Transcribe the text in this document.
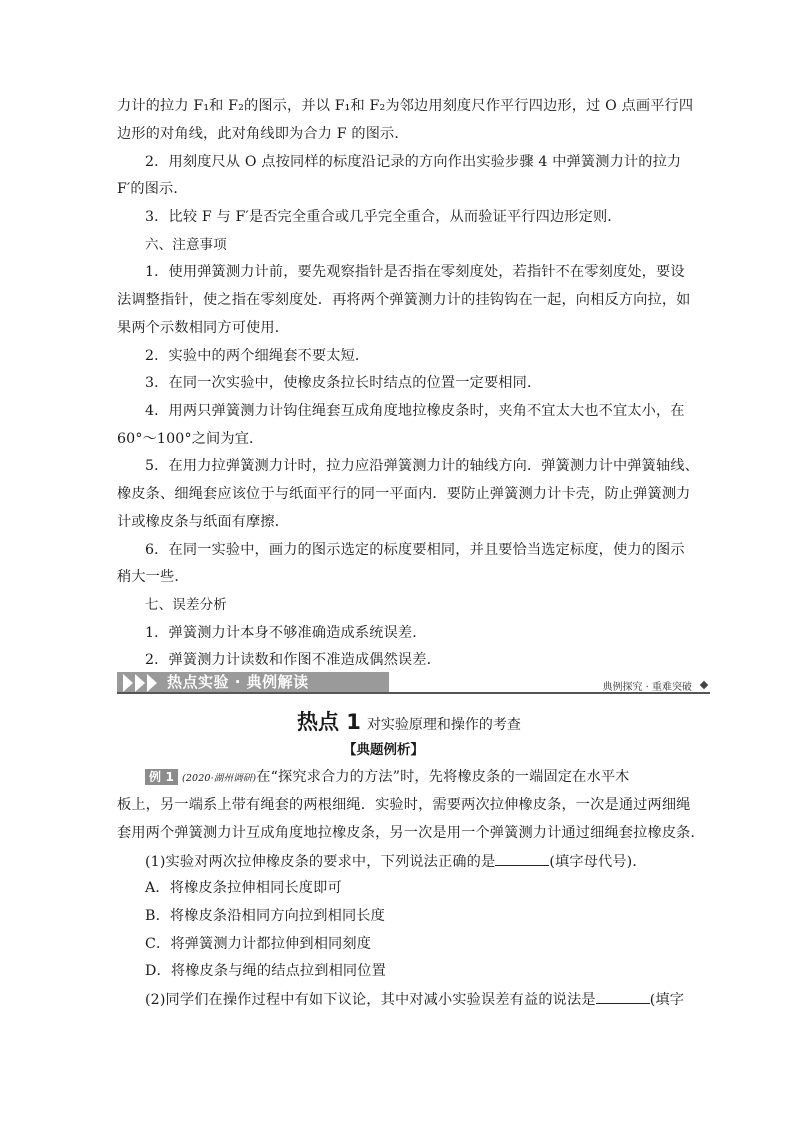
力计的拉力 F₁和 F₂的图示，并以 F₁和 F₂为邻边用刻度尺作平行四边形，过 O 点画平行四
边形的对角线，此对角线即为合力 F 的图示．
2．用刻度尺从 O 点按同样的标度沿记录的方向作出实验步骤 4 中弹簧测力计的拉力
F′的图示．
3．比较 F 与 F′是否完全重合或几乎完全重合，从而验证平行四边形定则．
六、注意事项
1．使用弹簧测力计前，要先观察指针是否指在零刻度处，若指针不在零刻度处，要设
法调整指针，使之指在零刻度处．再将两个弹簧测力计的挂钩钩在一起，向相反方向拉，如
果两个示数相同方可使用．
2．实验中的两个细绳套不要太短．
3．在同一次实验中，使橡皮条拉长时结点的位置一定要相同．
4．用两只弹簧测力计钩住绳套互成角度地拉橡皮条时，夹角不宜太大也不宜太小，在
60°～100°之间为宜．
5．在用力拉弹簧测力计时，拉力应沿弹簧测力计的轴线方向．弹簧测力计中弹簧轴线、
橡皮条、细绳套应该位于与纸面平行的同一平面内．要防止弹簧测力计卡壳，防止弹簧测力
计或橡皮条与纸面有摩擦．
6．在同一实验中，画力的图示选定的标度要相同，并且要恰当选定标度，使力的图示
稍大一些．
七、误差分析
1．弹簧测力计本身不够准确造成系统误差．
2．弹簧测力计读数和作图不准造成偶然误差．
热点实验 · 典例解读	典例探究 · 重难突破
热点 1 对实验原理和操作的考查
【典题例析】
例 1 (2020·湖州调研)在“探究求合力的方法”时，先将橡皮条的一端固定在水平木
板上，另一端系上带有绳套的两根细绳．实验时，需要两次拉伸橡皮条，一次是通过两细绳
套用两个弹簧测力计互成角度地拉橡皮条，另一次是用一个弹簧测力计通过细绳套拉橡皮条．
(1)实验对两次拉伸橡皮条的要求中，下列说法正确的是	(填字母代号)．
A．将橡皮条拉伸相同长度即可
B．将橡皮条沿相同方向拉到相同长度
C．将弹簧测力计都拉伸到相同刻度
D．将橡皮条与绳的结点拉到相同位置
(2)同学们在操作过程中有如下议论，其中对减小实验误差有益的说法是	(填字
